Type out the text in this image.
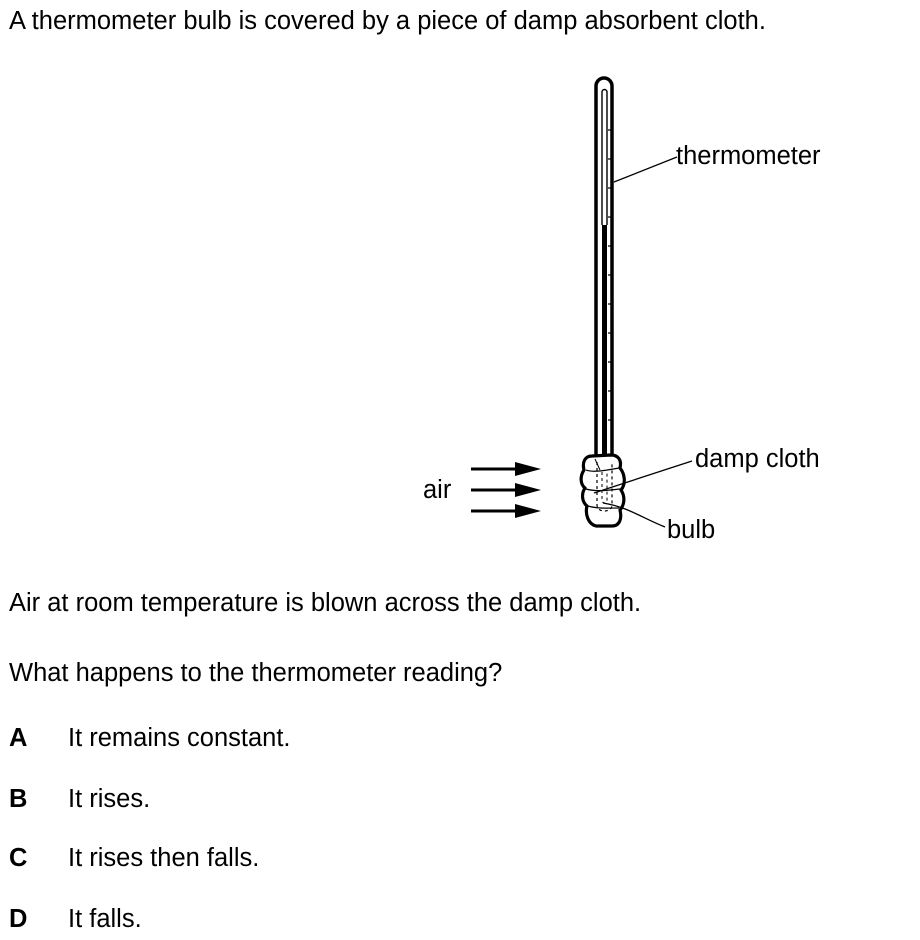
A thermometer bulb is covered by a piece of damp absorbent cloth.
thermometer
damp cloth
bulb
air
Air at room temperature is blown across the damp cloth.
What happens to the thermometer reading?
A It remains constant.
B It rises.
C It rises then falls.
D It falls.
